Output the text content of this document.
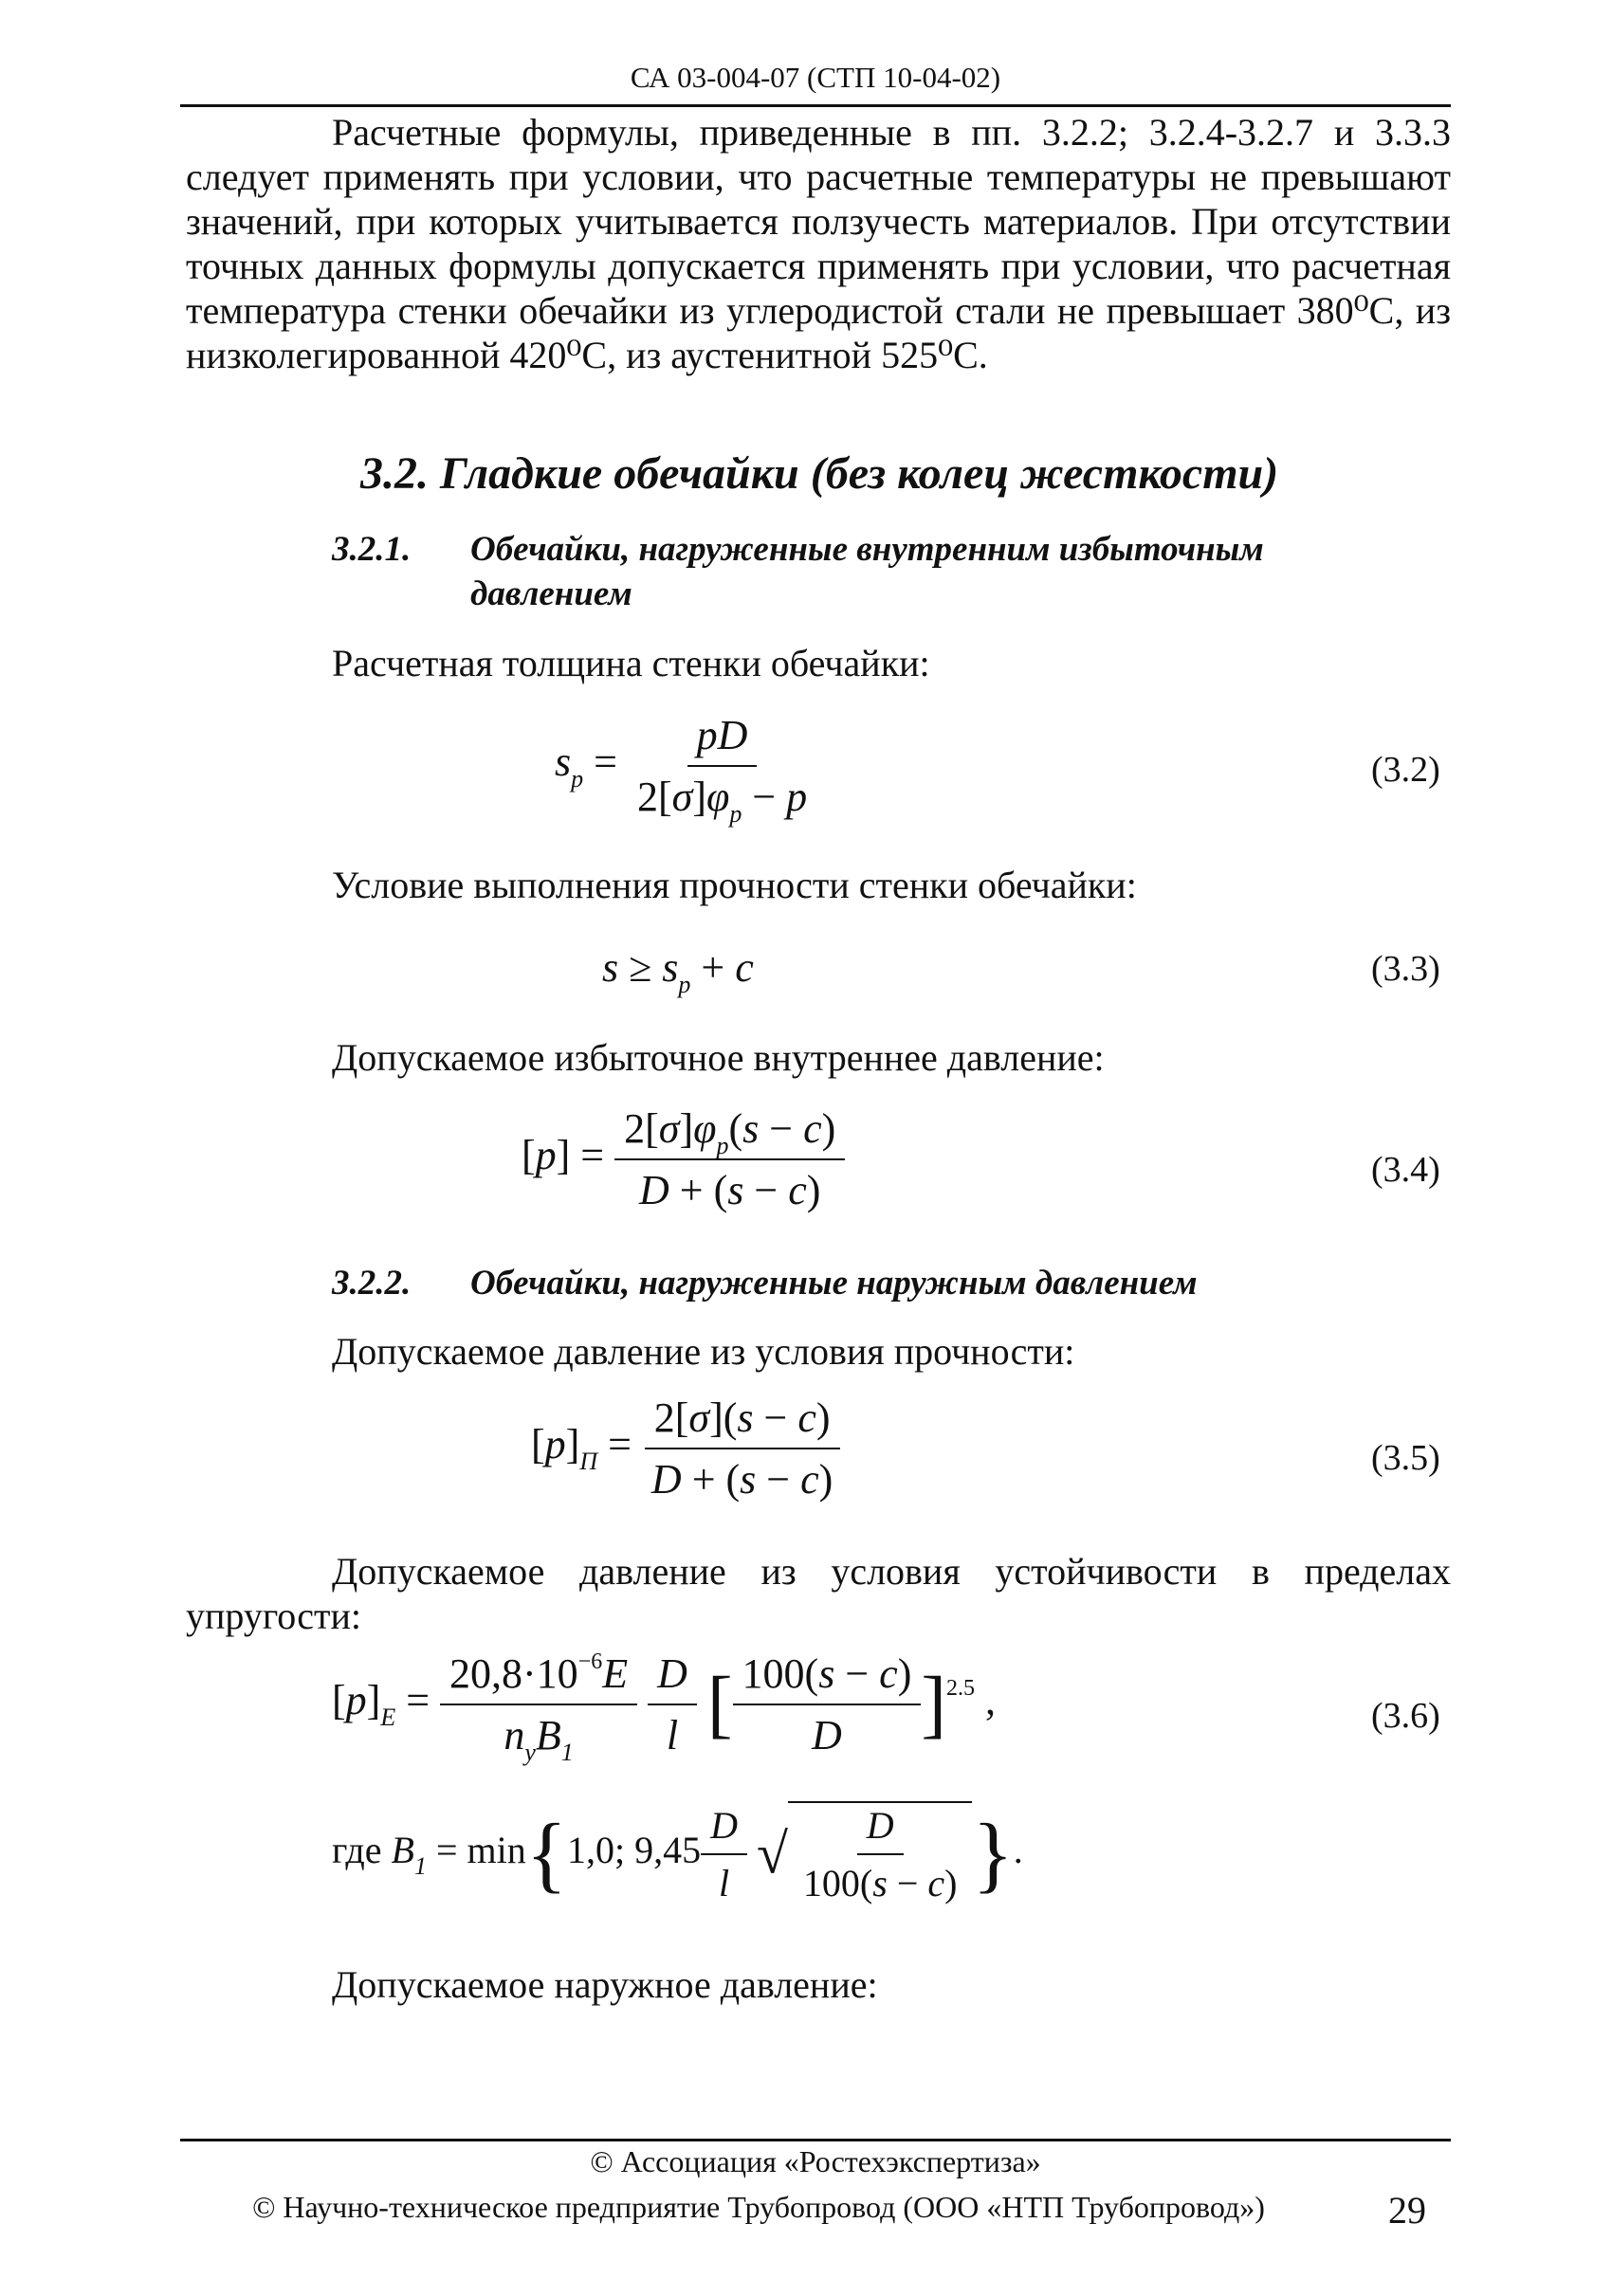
СА 03-004-07 (СТП 10-04-02)
Расчетные формулы, приведенные в пп. 3.2.2; 3.2.4-3.2.7 и 3.3.3 следует применять при условии, что расчетные температуры не превышают значений, при которых учитывается ползучесть материалов. При отсутствии точных данных формулы допускается применять при условии, что расчетная температура стенки обечайки из углеродистой стали не превышает 380⁰С, из низколегированной 420⁰С, из аустенитной 525⁰С.
3.2. Гладкие обечайки (без колец жесткости)
3.2.1. Обечайки, нагруженные внутренним избыточным давлением
Расчетная толщина стенки обечайки:
$s_p = \frac{pD}{2[\sigma]\varphi_p - p}$	(3.2)
Условие выполнения прочности стенки обечайки:
$s \ge s_p + c$	(3.3)
Допускаемое избыточное внутреннее давление:
$[p] = \frac{2[\sigma]\varphi_p(s - c)}{D + (s - c)}$	(3.4)
3.2.2. Обечайки, нагруженные наружным давлением
Допускаемое давление из условия прочности:
$[p]_П = \frac{2[\sigma](s - c)}{D + (s - c)}$	(3.5)
Допускаемое давление из условия устойчивости в пределах упругости:
$[p]_E = \frac{20,8\cdot 10^{-6}E}{n_yB_1}$
$\frac{D}{l}$ [ $\frac{100(s - c)}{D} ]^{2.5}$ ,	(3.6)
где $B_1 = \min\{1,0$; $9,45 \frac{D}{l}$ √ $\frac{D}{100(s - c)}$ }.
Допускаемое наружное давление:
© Ассоциация «Ростехэкспертиза»
© Научно-техническое предприятие Трубопровод (ООО «НТП Трубопровод»)	29
